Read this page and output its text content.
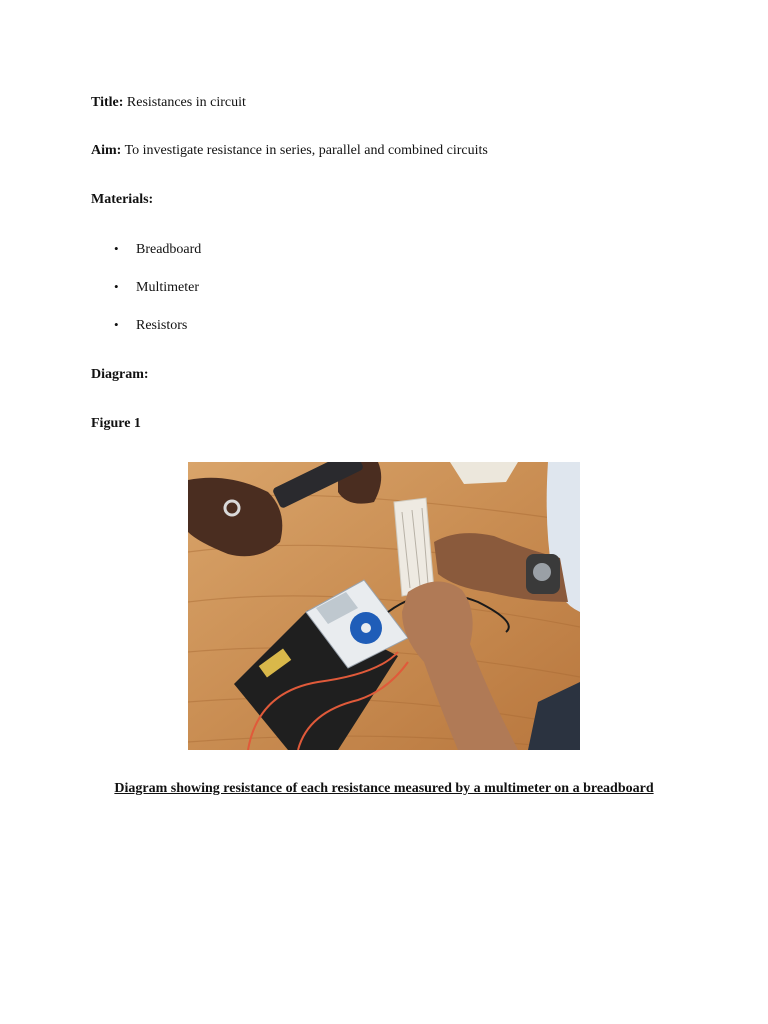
Title: Resistances in circuit
Aim: To investigate resistance in series, parallel and combined circuits
Materials:
• Breadboard
• Multimeter
• Resistors
Diagram:
Figure 1
Diagram showing resistance of each resistance measured by a multimeter on a breadboard
